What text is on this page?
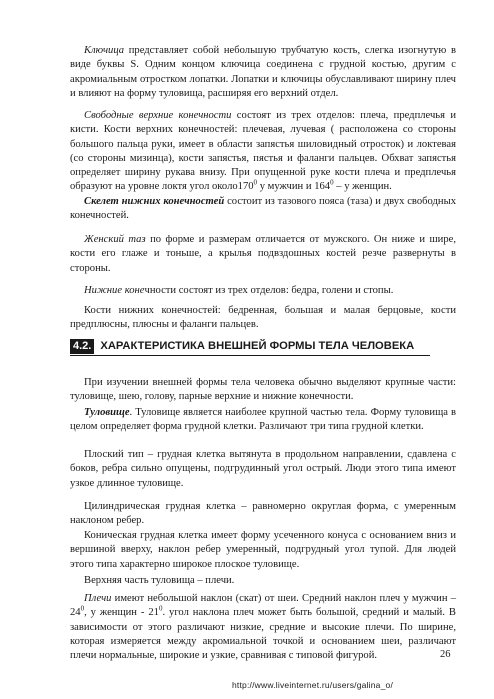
Ключица представляет собой небольшую трубчатую кость, слегка изогнутую в виде буквы S. Одним концом ключица соединена с грудной костью, другим с акромиальным отростком лопатки. Лопатки и ключицы обуславливают ширину плеч и влияют на форму туловища, расширяя его верхний отдел.

Свободные верхние конечности состоят из трех отделов: плеча, предплечья и кисти. Кости верхних конечностей: плечевая, лучевая ( расположена со стороны большого пальца руки, имеет в области запястья шиловидный отросток) и локтевая (со стороны мизинца), кости запястья, пястья и фаланги пальцев. Обхват запястья определяет ширину рукава внизу. При опущенной руке кости плеча и предплечья образуют на уровне локтя угол $около170^0$ у мужчин и $164^0$ – у женщин.

Скелет нижних конечностей состоит из тазового пояса (таза) и двух свободных конечностей.

Женский таз по форме и размерам отличается от мужского. Он ниже и шире, кости его глаже и тоньше, а крылья подвздошных костей резче развернуты в стороны.

Нижние конечности состоят из трех отделов: бедра, голени и стопы.

Кости нижних конечностей: бедренная, большая и малая берцовые, кости предплюсны, плюсны и фаланги пальцев.

4.2. ХАРАКТЕРИСТИКА ВНЕШНЕЙ ФОРМЫ ТЕЛА ЧЕЛОВЕКА

При изучении внешней формы тела человека обычно выделяют крупные части: туловище, шею, голову, парные верхние и нижние конечности.

Туловище. Туловище является наиболее крупной частью тела. Форму туловища в целом определяет форма грудной клетки. Различают три типа грудной клетки.

Плоский тип – грудная клетка вытянута в продольном направлении, сдавлена с боков, ребра сильно опущены, подгрудинный угол острый. Люди этого типа имеют узкое длинное туловище.

Цилиндрическая грудная клетка – равномерно округлая форма, с умеренным наклоном ребер.

Коническая грудная клетка имеет форму усеченного конуса с основанием вниз и вершиной вверху, наклон ребер умеренный, подгрудный угол тупой. Для людей этого типа характерно широкое плоское туловище.

Верхняя часть туловища – плечи.

Плечи имеют небольшой наклон (скат) от шеи. Средний наклон плеч у мужчин – $24^0$, у женщин - $21^0$. угол наклона плеч может быть большой, средний и малый. В зависимости от этого различают низкие, средние и высокие плечи. По ширине, которая измеряется между акромиальной точкой и основанием шеи, различают плечи нормальные, широкие и узкие, сравнивая с типовой фигурой.	26
http://www.liveinternet.ru/users/galina_o/
